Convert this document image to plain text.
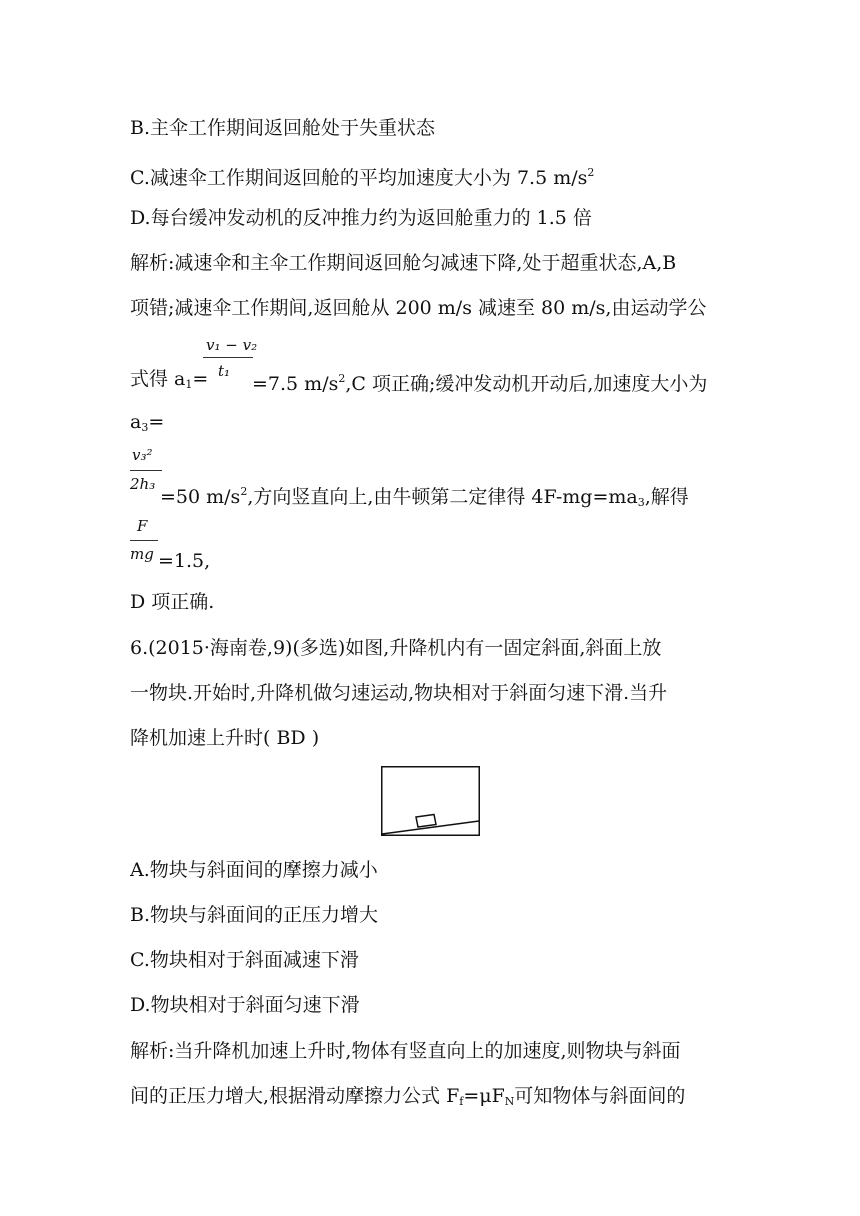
B.主伞工作期间返回舱处于失重状态
C.减速伞工作期间返回舱的平均加速度大小为 7.5 $m/s^2$
D.每台缓冲发动机的反冲推力约为返回舱重力的 1.5 倍
解析:减速伞和主伞工作期间返回舱匀减速下降,处于超重状态,A,B
项错;减速伞工作期间,返回舱从 200 m/s 减速至 80 m/s,由运动学公
v₁ − v₂
t₁
式得 $a_1= =7.5$ $m/s^2,C$ 项正确;缓冲发动机开动后,加速度大小为
$a_3=$
v₃²
2h₃
=50 $m/s^2$,方向竖直向上,由牛顿第二定律得 $4F-mg=ma_3$,解得
F
mg =1.5,
D 项正确.
6.(2015·海南卷,9)(多选)如图,升降机内有一固定斜面,斜面上放
一物块.开始时,升降机做匀速运动,物块相对于斜面匀速下滑.当升
降机加速上升时( BD )
A.物块与斜面间的摩擦力减小
B.物块与斜面间的正压力增大
C.物块相对于斜面减速下滑
D.物块相对于斜面匀速下滑
解析:当升降机加速上升时,物体有竖直向上的加速度,则物块与斜面
间的正压力增大,根据滑动摩擦力公式 $F_f=\mu F_N$可知物体与斜面间的
